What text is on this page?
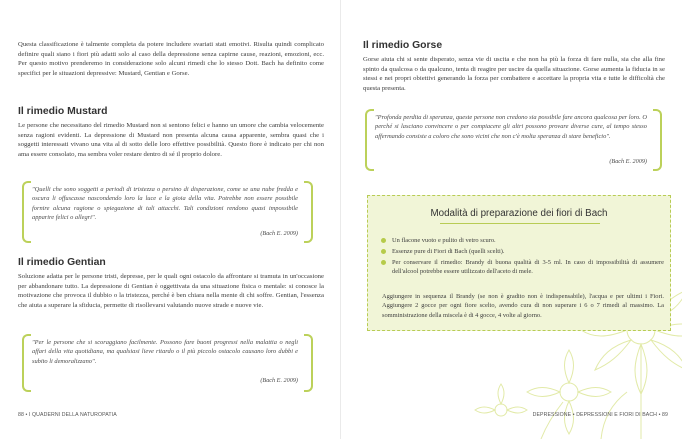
Questa classificazione è talmente completa da potere includere svariati stati emotivi. Risulta quindi complicato definire quali siano i fiori più adatti solo al caso della depressione senza capirne cause, reazioni, emozioni, ecc. Per questo motivo prenderemo in considerazione solo alcuni rimedi che lo stesso Dott. Bach ha definito come specifici per le situazioni depressive: Mustard, Gentian e Gorse.

Il rimedio Mustard

Le persone che necessitano del rimedio Mustard non si sentono felici e hanno un umore che cambia velocemente senza ragioni evidenti. La depressione di Mustard non presenta alcuna causa apparente, sembra quasi che i soggetti interessati vivano una vita al di sotto delle loro effettive possibilità. Questo fiore è indicato per chi non ama essere consolato, ma sembra voler restare dentro di sé il proprio dolore.

"Quelli che sono soggetti a periodi di tristezza o persino di disperazione, come se una nube fredda e oscura li offuscasse nascondendo loro la luce e la gioia della vita. Potrebbe non essere possibile fornire alcuna ragione o spiegazione di tali attacchi. Tali condizioni rendono quasi impossibile apparire felici o allegri".
(Bach E. 2009)
Il rimedio Gentian

Soluzione adatta per le persone tristi, depresse, per le quali ogni ostacolo da affrontare si tramuta in un'occasione per abbandonare tutto. La depressione di Gentian è oggettivata da una situazione fisica o mentale: si conosce la motivazione che provoca il dubbio o la tristezza, perché è ben chiara nella mente di chi soffre. Gentian, l'essenza che aiuta a superare la sfiducia, permette di risollevarsi valutando nuove strade e nuove vie.

"Per le persone che si scoraggiano facilmente. Possono fare buoni progressi nella malattia o negli affari della vita quotidiana, ma qualsiasi lieve ritardo o il più piccolo ostacolo causano loro dubbi e subito li demoralizzano".
(Bach E. 2009)
88 • I QUADERNI DELLA NATUROPATIA
Il rimedio Gorse

Gorse aiuta chi si sente disperato, senza vie di uscita e che non ha più la forza di fare nulla, sia che alla fine spinto da qualcosa o da qualcuno, tenta di reagire per uscire da quella situazione. Gorse aumenta la fiducia in se stessi e nei propri obiettivi generando la forza per combattere e accettare la propria vita e tutte le difficoltà che questa presenta.

"Profonda perdita di speranza, queste persone non credono sia possibile fare ancora qualcosa per loro. O perché si lasciano convincere o per compiacere gli altri possono provare diverse cure, al tempo stesso affermando consiste a coloro che sono vicini che non c'è molta speranza di stare beneficio".
(Bach E. 2009)
Modalità di preparazione dei fiori di Bach
Un flacone vuoto e pulito di vetro scuro.
Essenze pure di Fiori di Bach (quelli scelti).
Per conservare il rimedio: Brandy di buona qualità di 3-5 ml. In caso di impossibilità di assumere dell'alcool potrebbe essere utilizzato dell'aceto di mele.

Aggiungere in sequenza il Brandy (se non è gradito non è indispensabile), l'acqua e per ultimi i Fiori. Aggiungere 2 gocce per ogni fiore scelto, avendo cura di non superare i 6 o 7 rimedi al massimo. La somministrazione della miscela è di 4 gocce, 4 volte al giorno.

DEPRESSIONE • DEPRESSIONI E FIORI DI BACH • 89
